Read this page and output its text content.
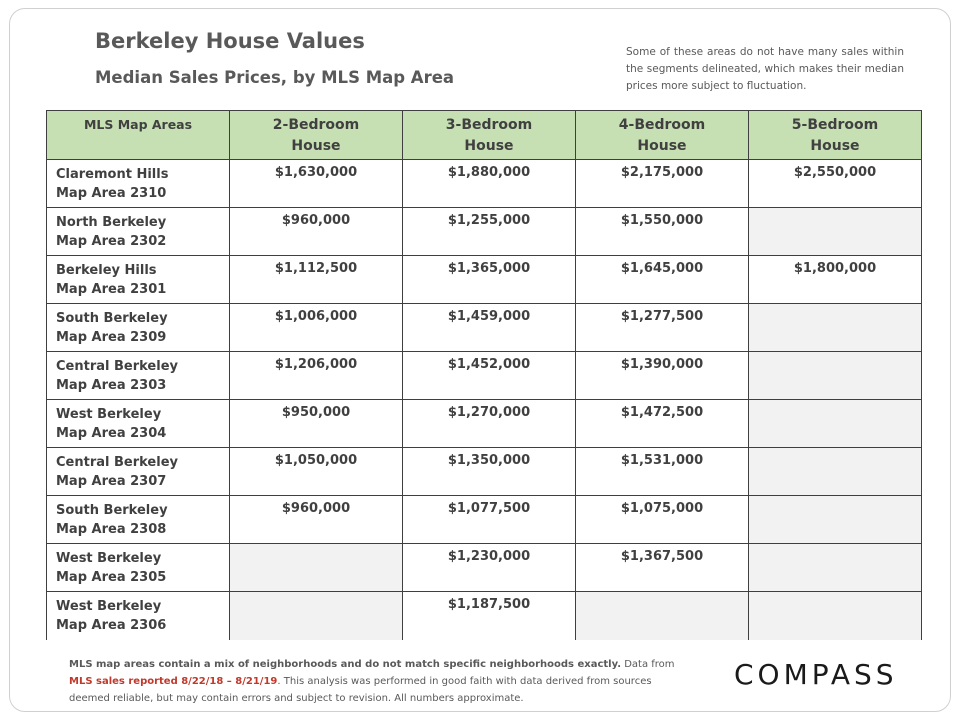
Berkeley House Values
Median Sales Prices, by MLS Map Area
Some of these areas do not have many sales within the segments delineated, which makes their median prices more subject to fluctuation.
MLS Map Areas	2-Bedroom House	3-Bedroom House	4-Bedroom House	5-Bedroom House

Claremont Hills
Map Area 2310	$1,630,000	$1,880,000	$2,175,000	$2,550,000

North Berkeley
Map Area 2302	$960,000	$1,255,000	$1,550,000	

Berkeley Hills
Map Area 2301	$1,112,500	$1,365,000	$1,645,000	$1,800,000

South Berkeley
Map Area 2309	$1,006,000	$1,459,000	$1,277,500	

Central Berkeley
Map Area 2303	$1,206,000	$1,452,000	$1,390,000	

West Berkeley
Map Area 2304	$950,000	$1,270,000	$1,472,500	

Central Berkeley
Map Area 2307	$1,050,000	$1,350,000	$1,531,000	

South Berkeley
Map Area 2308	$960,000	$1,077,500	$1,075,000	

West Berkeley
Map Area 2305		$1,230,000	$1,367,500	

West Berkeley
Map Area 2306		$1,187,500		
MLS map areas contain a mix of neighborhoods and do not match specific neighborhoods exactly. Data from MLS sales reported 8/22/18 – 8/21/19. This analysis was performed in good faith with data derived from sources deemed reliable, but may contain errors and subject to revision. All numbers approximate.
COMPASS
